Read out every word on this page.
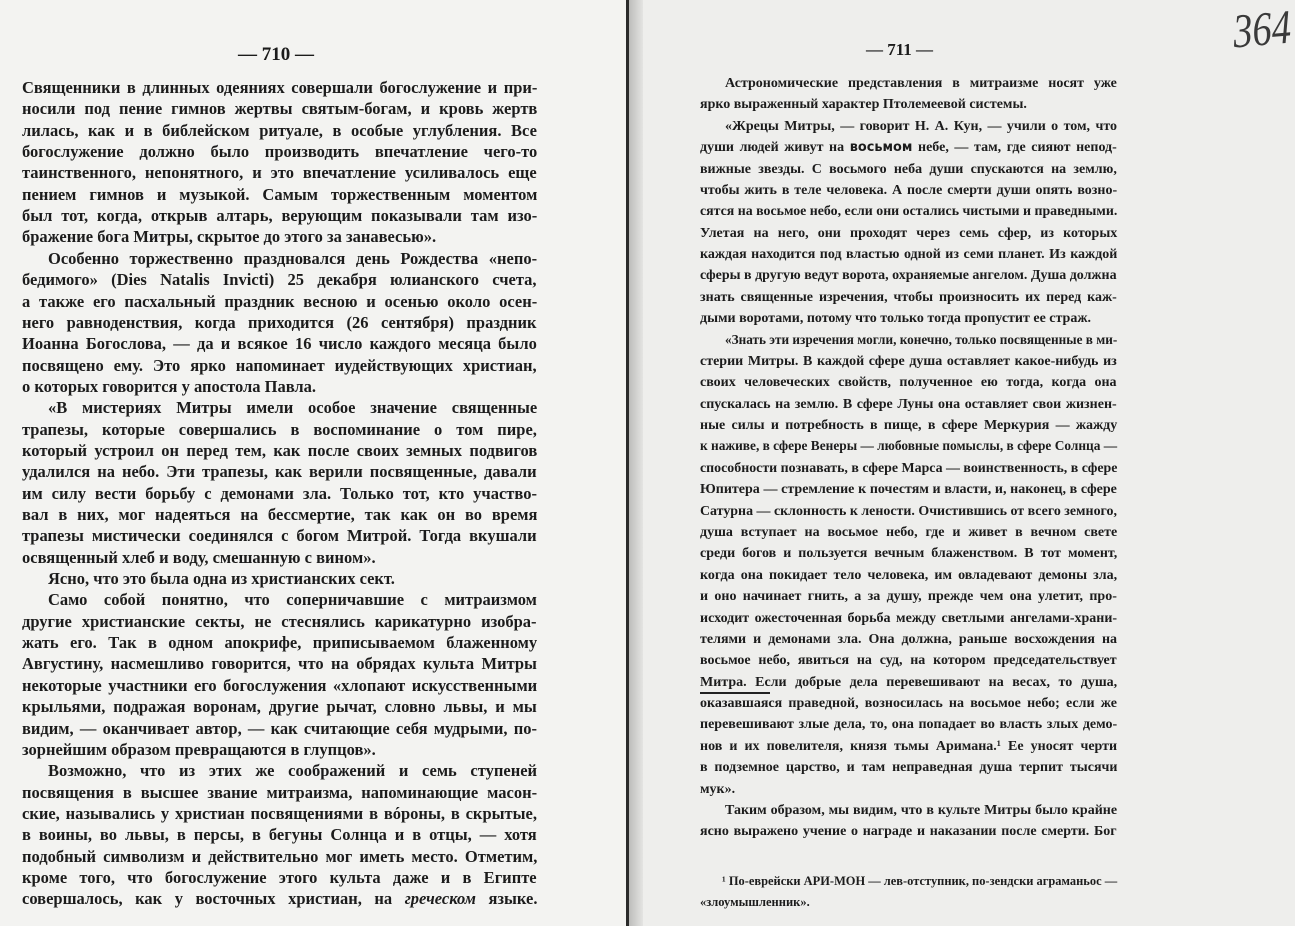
— 710 —	— 711 —	364
Священники в длинных одеяниях совершали богослужение и при-
носили под пение гимнов жертвы святым-богам, и кровь жертв
лилась, как и в библейском ритуале, в особые углубления. Все
богослужение должно было производить впечатление чего-то
таинственного, непонятного, и это впечатление усиливалось еще
пением гимнов и музыкой. Самым торжественным моментом
был тот, когда, открыв алтарь, верующим показывали там изо-
бражение бога Митры, скрытое до этого за занавесью».
Особенно торжественно праздновался день Рождества «непо-
бедимого» (Dies Natalis Invicti) 25 декабря юлианского счета,
а также его пасхальный праздник весною и осенью около осен-
него равноденствия, когда приходится (26 сентября) праздник
Иоанна Богослова, — да и всякое 16 число каждого месяца было
посвящено ему. Это ярко напоминает иудействующих христиан,
о которых говорится у апостола Павла.
«В мистериях Митры имели особое значение священные
трапезы, которые совершались в воспоминание о том пире,
который устроил он перед тем, как после своих земных подвигов
удалился на небо. Эти трапезы, как верили посвященные, давали
им силу вести борьбу с демонами зла. Только тот, кто участво-
вал в них, мог надеяться на бессмертие, так как он во время
трапезы мистически соединялся с богом Митрой. Тогда вкушали
освященный хлеб и воду, смешанную с вином».
Ясно, что это была одна из христианских сект.
Само собой понятно, что соперничавшие с митраизмом
другие христианские секты, не стеснялись карикатурно изобра-
жать его. Так в одном апокрифе, приписываемом блаженному
Августину, насмешливо говорится, что на обрядах культа Митры
некоторые участники его богослужения «хлопают искусственными
крыльями, подражая воронам, другие рычат, словно львы, и мы
видим, — оканчивает автор, — как считающие себя мудрыми, по-
зорнейшим образом превращаются в глупцов».
Возможно, что из этих же соображений и семь ступеней
посвящения в высшее звание митраизма, напоминающие масон-
ские, назывались у христиан посвящениями в вóроны, в скрытые,
в воины, во львы, в персы, в бегуны Солнца и в отцы, — хотя
подобный символизм и действительно мог иметь место. Отметим,
кроме того, что богослужение этого культа даже и в Египте
совершалось, как у восточных христиан, на греческом языке.
Астрономические представления в митраизме носят уже
ярко выраженный характер Птолемеевой системы.
«Жрецы Митры, — говорит Н. А. Кун, — учили о том, что
души людей живут на восьмом небе, — там, где сияют непод-
вижные звезды. С восьмого неба души спускаются на землю,
чтобы жить в теле человека. А после смерти души опять возно-
сятся на восьмое небо, если они остались чистыми и праведными.
Улетая на него, они проходят через семь сфер, из которых
каждая находится под властью одной из семи планет. Из каждой
сферы в другую ведут ворота, охраняемые ангелом. Душа должна
знать священные изречения, чтобы произносить их перед каж-
дыми воротами, потому что только тогда пропустит ее страж.
«Знать эти изречения могли, конечно, только посвященные в ми-
стерии Митры. В каждой сфере душа оставляет какое-нибудь из
своих человеческих свойств, полученное ею тогда, когда она
спускалась на землю. В сфере Луны она оставляет свои жизнен-
ные силы и потребность в пище, в сфере Меркурия — жажду
к наживе, в сфере Венеры — любовные помыслы, в сфере Солнца —
способности познавать, в сфере Марса — воинственность, в сфере
Юпитера — стремление к почестям и власти, и, наконец, в сфере
Сатурна — склонность к лености. Очистившись от всего земного,
душа вступает на восьмое небо, где и живет в вечном свете
среди богов и пользуется вечным блаженством. В тот момент,
когда она покидает тело человека, им овладевают демоны зла,
и оно начинает гнить, а за душу, прежде чем она улетит, про-
исходит ожесточенная борьба между светлыми ангелами-храни-
телями и демонами зла. Она должна, раньше восхождения на
восьмое небо, явиться на суд, на котором председательствует
Митра. Если добрые дела перевешивают на весах, то душа,
оказавшаяся праведной, возносилась на восьмое небо; если же
перевешивают злые дела, то, она попадает во власть злых демо-
нов и их повелителя, князя тьмы Аримана.¹ Ее уносят черти
в подземное царство, и там неправедная душа терпит тысячи
мук».
Таким образом, мы видим, что в культе Митры было крайне
ясно выражено учение о награде и наказании после смерти. Бог
¹ По-еврейски АРИ-МОН — лев-отступник, по-зендски аграманьос —
«злоумышленник».
